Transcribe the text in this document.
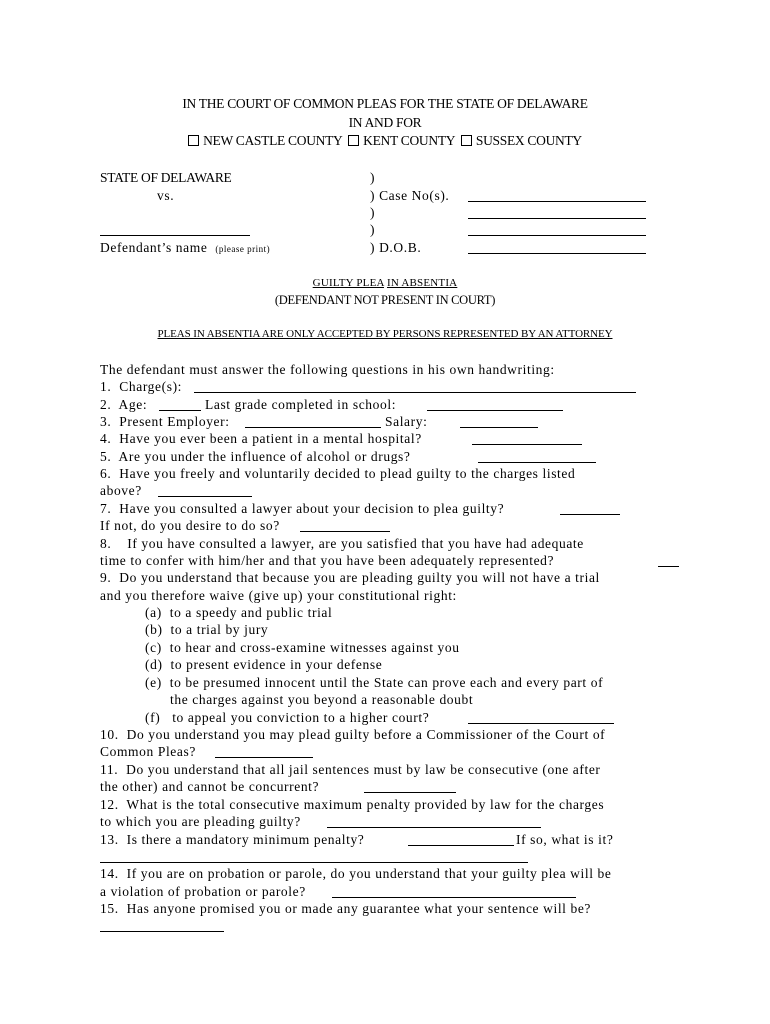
IN THE COURT OF COMMON PLEAS FOR THE STATE OF DELAWARE
IN AND FOR
NEW CASTLE COUNTY KENT COUNTY SUSSEX COUNTY
STATE OF DELAWARE
vs.
Defendant’s name (please print)
)
) Case No(s).
)
)
) D.O.B.
GUILTY PLEA IN ABSENTIA
(DEFENDANT NOT PRESENT IN COURT)
PLEAS IN ABSENTIA ARE ONLY ACCEPTED BY PERSONS REPRESENTED BY AN ATTORNEY
The defendant must answer the following questions in his own handwriting:
1.  Charge(s):
2.  Age:	Last grade completed in school:
3.  Present Employer:	Salary:
4.  Have you ever been a patient in a mental hospital?
5.  Are you under the influence of alcohol or drugs?
6.  Have you freely and voluntarily decided to plead guilty to the charges listed
above?
7.  Have you consulted a lawyer about your decision to plea guilty?
If not, do you desire to do so?
8.    If you have consulted a lawyer, are you satisfied that you have had adequate
time to confer with him/her and that you have been adequately represented?
9.  Do you understand that because you are pleading guilty you will not have a trial
and you therefore waive (give up) your constitutional right:
(a)  to a speedy and public trial
(b)  to a trial by jury
(c)  to hear and cross-examine witnesses against you
(d)  to present evidence in your defense
(e)  to be presumed innocent until the State can prove each and every part of
the charges against you beyond a reasonable doubt
(f)   to appeal you conviction to a higher court?
10.  Do you understand you may plead guilty before a Commissioner of the Court of
Common Pleas?
11.  Do you understand that all jail sentences must by law be consecutive (one after
the other) and cannot be concurrent?
12.  What is the total consecutive maximum penalty provided by law for the charges
to which you are pleading guilty?
13.  Is there a mandatory minimum penalty?	If so, what is it?
14.  If you are on probation or parole, do you understand that your guilty plea will be
a violation of probation or parole?
15.  Has anyone promised you or made any guarantee what your sentence will be?
